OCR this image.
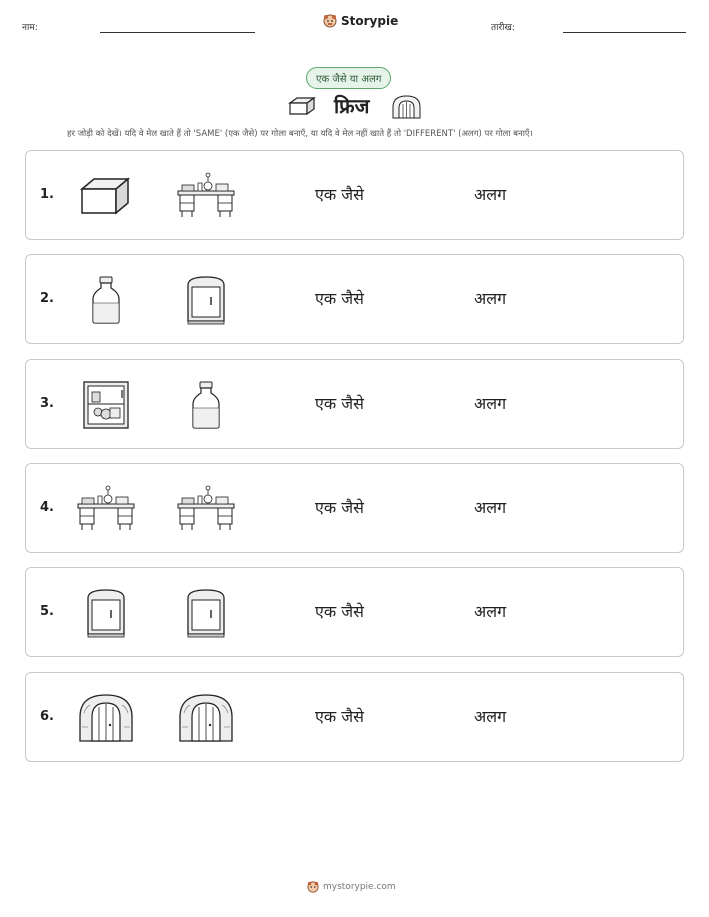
नाम:	Storypie	तारीख:
एक जैसे या अलग
फ्रिज
हर जोड़ी को देखें। यदि वे मेल खाते हैं तो 'SAME' (एक जैसे) पर गोला बनाएँ, या यदि वे मेल नहीं खाते हैं तो 'DIFFERENT' (अलग) पर गोला बनाएँ।
1.	एक जैसे	अलग
2.	एक जैसे	अलग
3.	एक जैसे	अलग
4.	एक जैसे	अलग
5.	एक जैसे	अलग
6.	एक जैसे	अलग
mystorypie.com
